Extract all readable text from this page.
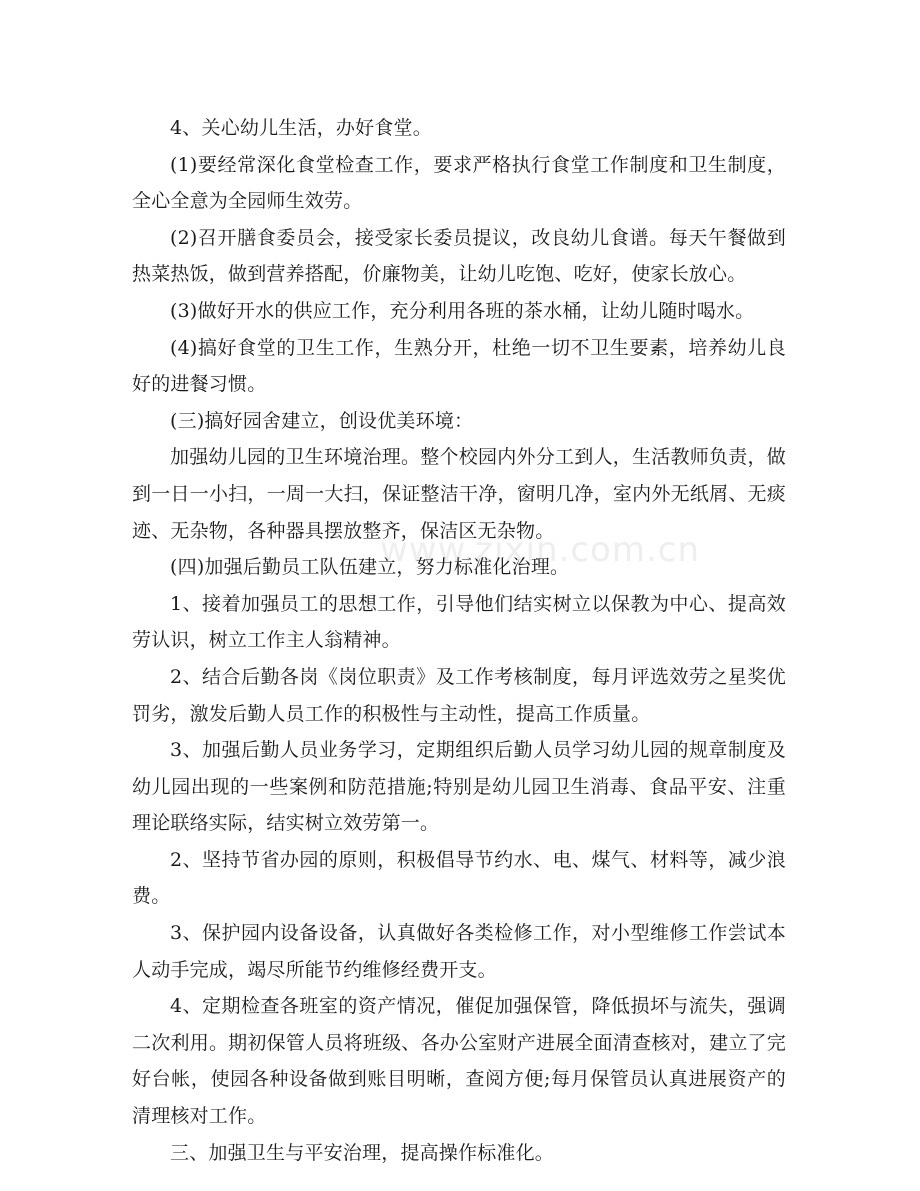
4、关心幼儿生活，办好食堂。

(1)要经常深化食堂检查工作，要求严格执行食堂工作制度和卫生制度，全心全意为全园师生效劳。

(2)召开膳食委员会，接受家长委员提议，改良幼儿食谱。每天午餐做到热菜热饭，做到营养搭配，价廉物美，让幼儿吃饱、吃好，使家长放心。

(3)做好开水的供应工作，充分利用各班的茶水桶，让幼儿随时喝水。

(4)搞好食堂的卫生工作，生熟分开，杜绝一切不卫生要素，培养幼儿良好的进餐习惯。

(三)搞好园舍建立，创设优美环境：

加强幼儿园的卫生环境治理。整个校园内外分工到人，生活教师负责，做到一日一小扫，一周一大扫，保证整洁干净，窗明几净，室内外无纸屑、无痰迹、无杂物，各种器具摆放整齐，保洁区无杂物。

(四)加强后勤员工队伍建立，努力标准化治理。

1、接着加强员工的思想工作，引导他们结实树立以保教为中心、提高效劳认识，树立工作主人翁精神。

2、结合后勤各岗《岗位职责》及工作考核制度，每月评选效劳之星奖优罚劣，激发后勤人员工作的积极性与主动性，提高工作质量。

3、加强后勤人员业务学习，定期组织后勤人员学习幼儿园的规章制度及幼儿园出现的一些案例和防范措施;特别是幼儿园卫生消毒、食品平安、注重理论联络实际，结实树立效劳第一。

2、坚持节省办园的原则，积极倡导节约水、电、煤气、材料等，减少浪费。

3、保护园内设备设备，认真做好各类检修工作，对小型维修工作尝试本人动手完成，竭尽所能节约维修经费开支。

4、定期检查各班室的资产情况，催促加强保管，降低损坏与流失，强调二次利用。期初保管人员将班级、各办公室财产进展全面清查核对，建立了完好台帐，使园各种设备做到账目明晰，查阅方便;每月保管员认真进展资产的清理核对工作。

三、加强卫生与平安治理，提高操作标准化。

www.zixin.com.cn
